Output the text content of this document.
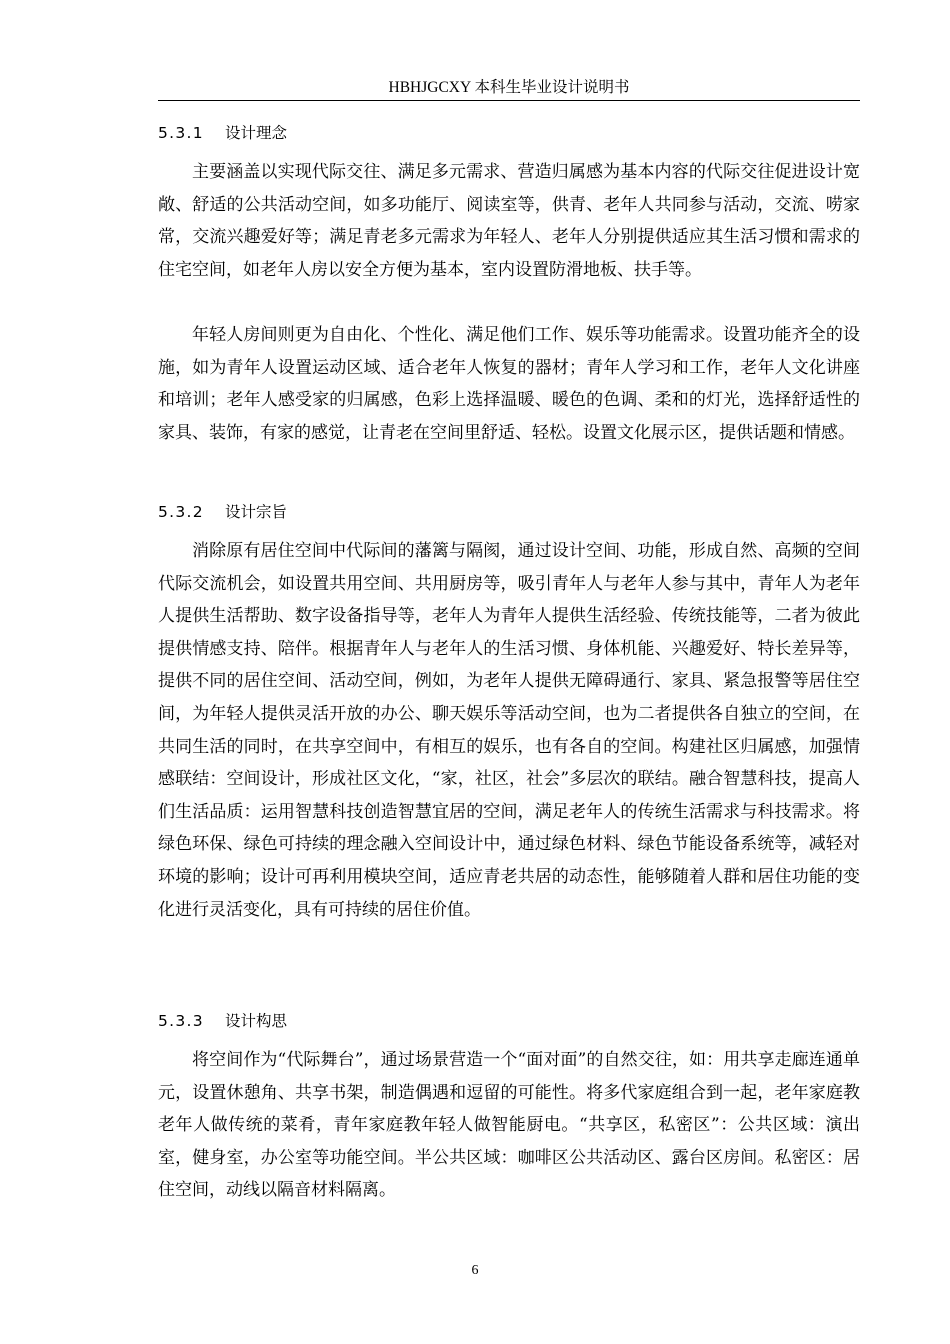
HBHJGCXY 本科生毕业设计说明书
5.3.1 设计理念

主要涵盖以实现代际交往、满足多元需求、营造归属感为基本内容的代际交往促进设计宽敞、舒适的公共活动空间，如多功能厅、阅读室等，供青、老年人共同参与活动，交流、唠家常，交流兴趣爱好等；满足青老多元需求为年轻人、老年人分别提供适应其生活习惯和需求的住宅空间，如老年人房以安全方便为基本，室内设置防滑地板、扶手等。

年轻人房间则更为自由化、个性化、满足他们工作、娱乐等功能需求。设置功能齐全的设施，如为青年人设置运动区域、适合老年人恢复的器材；青年人学习和工作，老年人文化讲座和培训；老年人感受家的归属感，色彩上选择温暖、暖色的色调、柔和的灯光，选择舒适性的家具、装饰，有家的感觉，让青老在空间里舒适、轻松。设置文化展示区，提供话题和情感。

5.3.2 设计宗旨

消除原有居住空间中代际间的藩篱与隔阂，通过设计空间、功能，形成自然、高频的空间代际交流机会，如设置共用空间、共用厨房等，吸引青年人与老年人参与其中，青年人为老年人提供生活帮助、数字设备指导等，老年人为青年人提供生活经验、传统技能等，二者为彼此提供情感支持、陪伴。根据青年人与老年人的生活习惯、身体机能、兴趣爱好、特长差异等，提供不同的居住空间、活动空间，例如，为老年人提供无障碍通行、家具、紧急报警等居住空间，为年轻人提供灵活开放的办公、聊天娱乐等活动空间，也为二者提供各自独立的空间，在共同生活的同时，在共享空间中，有相互的娱乐，也有各自的空间。构建社区归属感，加强情感联结：空间设计，形成社区文化，“家，社区，社会”多层次的联结。融合智慧科技，提高人们生活品质：运用智慧科技创造智慧宜居的空间，满足老年人的传统生活需求与科技需求。将绿色环保、绿色可持续的理念融入空间设计中，通过绿色材料、绿色节能设备系统等，减轻对环境的影响；设计可再利用模块空间，适应青老共居的动态性，能够随着人群和居住功能的变化进行灵活变化，具有可持续的居住价值。

5.3.3 设计构思

将空间作为“代际舞台”，通过场景营造一个“面对面”的自然交往，如：用共享走廊连通单元，设置休憩角、共享书架，制造偶遇和逗留的可能性。将多代家庭组合到一起，老年家庭教老年人做传统的菜肴，青年家庭教年轻人做智能厨电。“共享区，私密区”：公共区域：演出室，健身室，办公室等功能空间。半公共区域：咖啡区公共活动区、露台区房间。私密区：居住空间，动线以隔音材料隔离。

6
